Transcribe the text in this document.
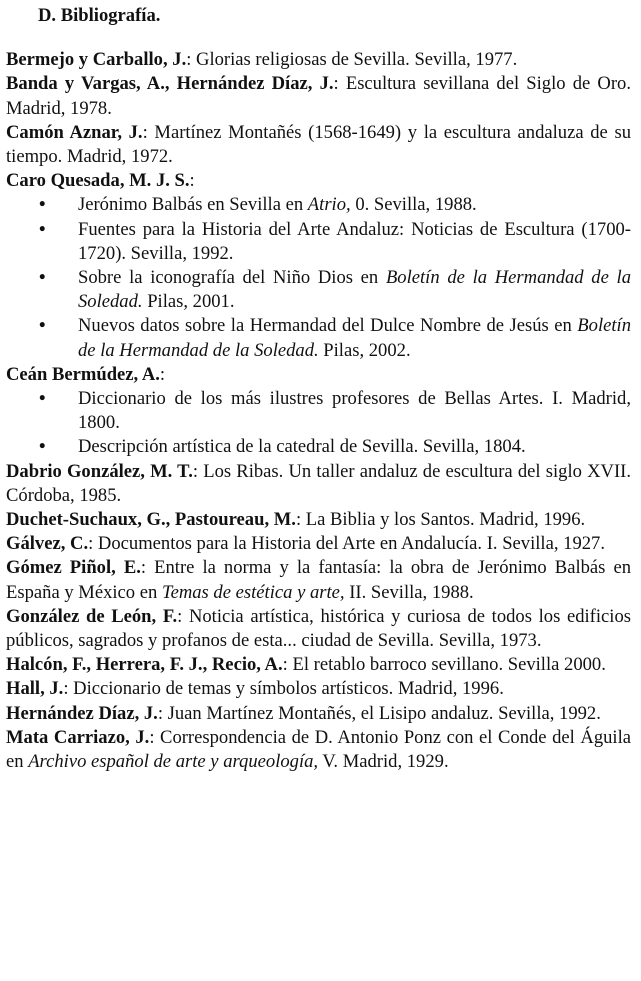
D. Bibliografía.

Bermejo y Carballo, J.: Glorias religiosas de Sevilla. Sevilla, 1977.

Banda y Vargas, A., Hernández Díaz, J.: Escultura sevillana del Siglo de Oro. Madrid, 1978.

Camón Aznar, J.: Martínez Montañés (1568-1649) y la escultura andaluza de su tiempo. Madrid, 1972.

Caro Quesada, M. J. S.:

• Jerónimo Balbás en Sevilla en Atrio, 0. Sevilla, 1988.
• Fuentes para la Historia del Arte Andaluz: Noticias de Escultura (1700-1720). Sevilla, 1992.
• Sobre la iconografía del Niño Dios en Boletín de la Hermandad de la Soledad. Pilas, 2001.
• Nuevos datos sobre la Hermandad del Dulce Nombre de Jesús en Boletín de la Hermandad de la Soledad. Pilas, 2002.

Ceán Bermúdez, A.:

• Diccionario de los más ilustres profesores de Bellas Artes. I. Madrid, 1800.
• Descripción artística de la catedral de Sevilla. Sevilla, 1804.

Dabrio González, M. T.: Los Ribas. Un taller andaluz de escultura del siglo XVII. Córdoba, 1985.

Duchet-Suchaux, G., Pastoureau, M.: La Biblia y los Santos. Madrid, 1996.

Gálvez, C.: Documentos para la Historia del Arte en Andalucía. I. Sevilla, 1927.

Gómez Piñol, E.: Entre la norma y la fantasía: la obra de Jerónimo Balbás en España y México en Temas de estética y arte, II. Sevilla, 1988.

González de León, F.: Noticia artística, histórica y curiosa de todos los edificios públicos, sagrados y profanos de esta... ciudad de Sevilla. Sevilla, 1973.

Halcón, F., Herrera, F. J., Recio, A.: El retablo barroco sevillano. Sevilla 2000.

Hall, J.: Diccionario de temas y símbolos artísticos. Madrid, 1996.

Hernández Díaz, J.: Juan Martínez Montañés, el Lisipo andaluz. Sevilla, 1992.

Mata Carriazo, J.: Correspondencia de D. Antonio Ponz con el Conde del Águila en Archivo español de arte y arqueología, V. Madrid, 1929.
